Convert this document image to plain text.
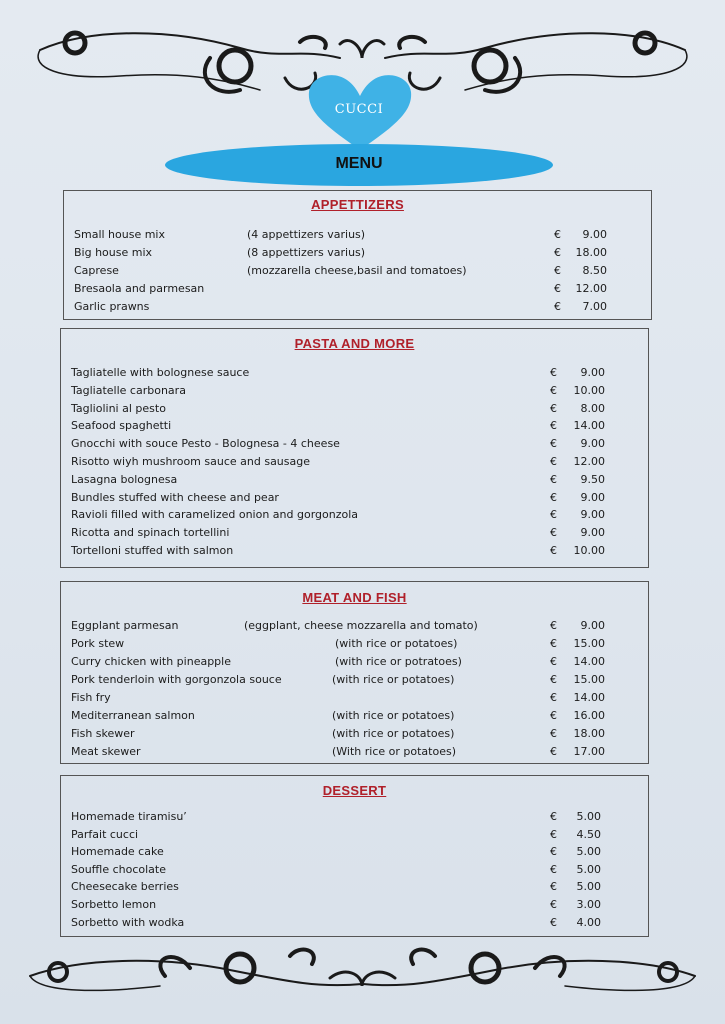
CUCCI
MENU
APPETTIZERS
Small house mix	(4 appettizers varius)	€	9.00
Big house mix	(8 appettizers varius)	€	18.00
Caprese	(mozzarella cheese,basil and tomatoes)	€	8.50
Bresaola and parmesan	€	12.00
Garlic prawns	€	7.00
PASTA AND MORE
Tagliatelle with bolognese sauce	€	9.00
Tagliatelle carbonara	€	10.00
Tagliolini al pesto	€	8.00
Seafood spaghetti	€	14.00
Gnocchi with souce Pesto - Bolognesa - 4 cheese	€	9.00
Risotto wiyh mushroom sauce and sausage	€	12.00
Lasagna bolognesa	€	9.50
Bundles stuffed with cheese and pear	€	9.00
Ravioli filled with caramelized onion and gorgonzola	€	9.00
Ricotta and spinach tortellini	€	9.00
Tortelloni stuffed with salmon	€	10.00
MEAT AND FISH
Eggplant parmesan	(eggplant, cheese mozzarella and tomato)	€	9.00
Pork stew	(with rice or potatoes)	€	15.00
Curry chicken with pineapple	(with rice or potratoes)	€	14.00
Pork tenderloin with gorgonzola souce	(with rice or potatoes)	€	15.00
Fish fry	€	14.00
Mediterranean salmon	(with rice or potatoes)	€	16.00
Fish skewer	(with rice or potatoes)	€	18.00
Meat skewer	(With rice or potatoes)	€	17.00
DESSERT
Homemade tiramisu’	€	5.00
Parfait cucci	€	4.50
Homemade cake	€	5.00
Souffle chocolate	€	5.00
Cheesecake berries	€	5.00
Sorbetto lemon	€	3.00
Sorbetto with wodka	€	4.00
